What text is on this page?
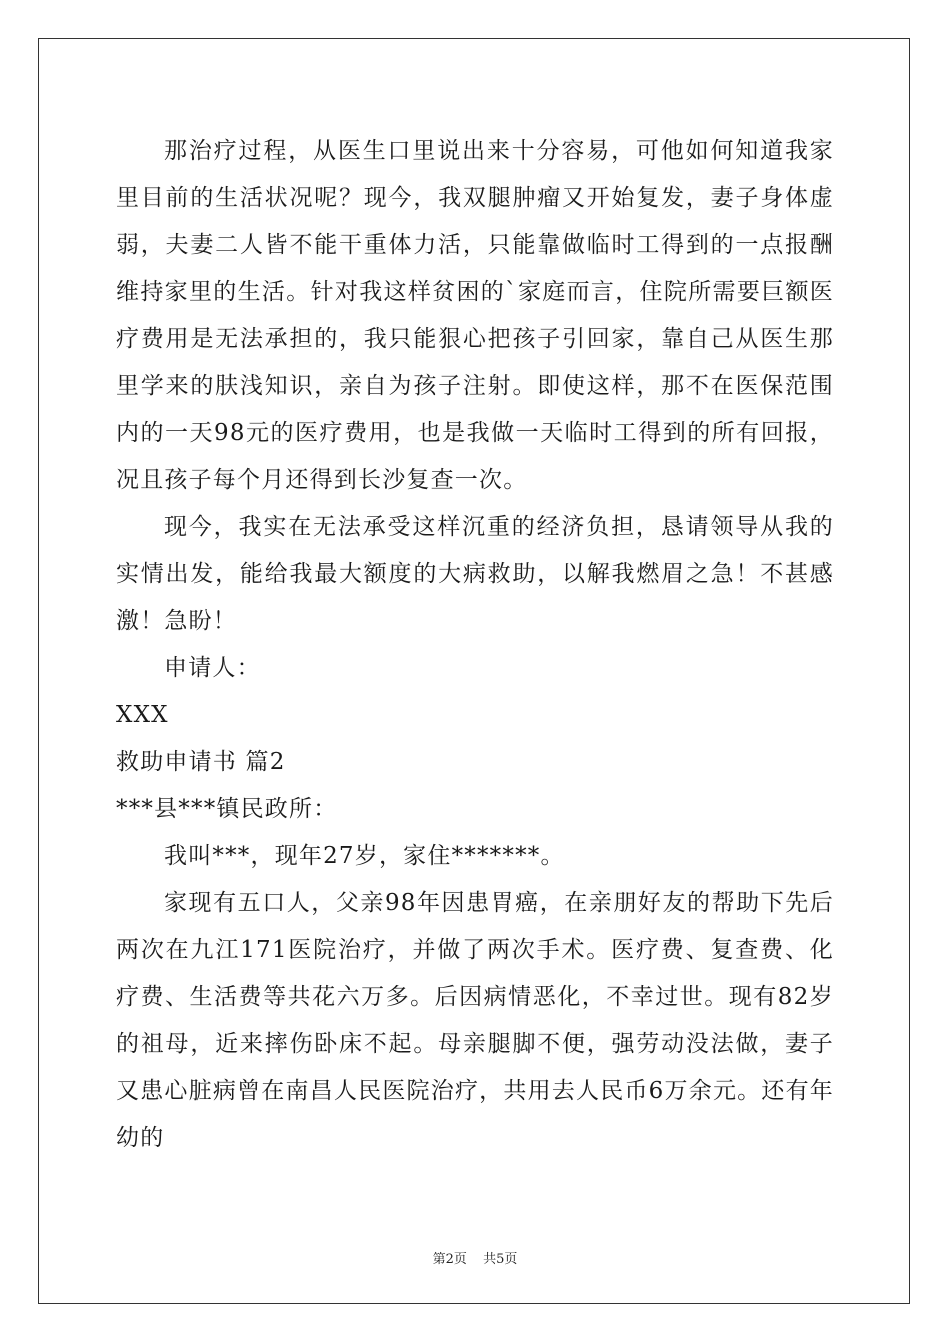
那治疗过程，从医生口里说出来十分容易，可他如何知道我家里目前的生活状况呢？现今，我双腿肿瘤又开始复发，妻子身体虚弱，夫妻二人皆不能干重体力活，只能靠做临时工得到的一点报酬维持家里的生活。针对我这样贫困的`家庭而言，住院所需要巨额医疗费用是无法承担的，我只能狠心把孩子引回家，靠自己从医生那里学来的肤浅知识，亲自为孩子注射。即使这样，那不在医保范围内的一天98元的医疗费用，也是我做一天临时工得到的所有回报，况且孩子每个月还得到长沙复查一次。

现今，我实在无法承受这样沉重的经济负担，恳请领导从我的实情出发，能给我最大额度的大病救助，以解我燃眉之急！不甚感激！急盼！

申请人：

XXX

救助申请书 篇2

***县***镇民政所：

我叫***，现年27岁，家住*******。

家现有五口人，父亲98年因患胃癌，在亲朋好友的帮助下先后两次在九江171医院治疗，并做了两次手术。医疗费、复查费、化疗费、生活费等共花六万多。后因病情恶化，不幸过世。现有82岁的祖母，近来摔伤卧床不起。母亲腿脚不便，强劳动没法做，妻子又患心脏病曾在南昌人民医院治疗，共用去人民币6万余元。还有年幼的

第2页 共5页
